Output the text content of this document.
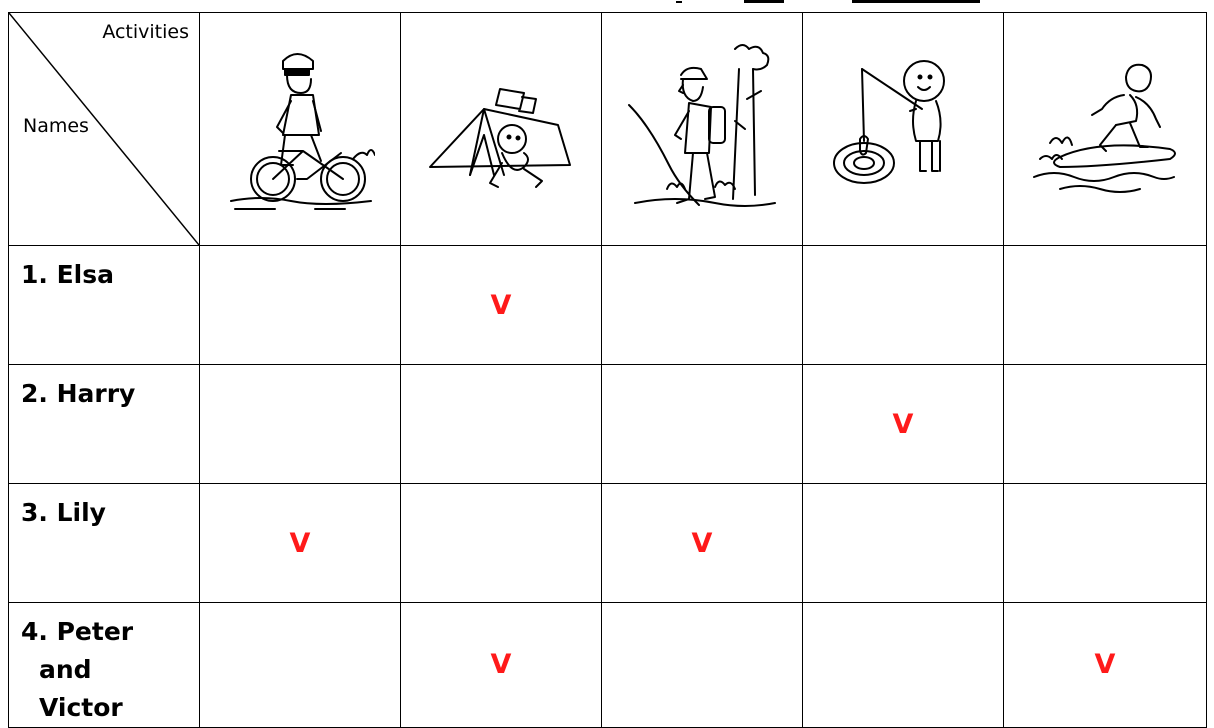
Activities
Names

1. Elsa		V			

2. Harry				V	

3. Lily	V		V		

4. Peter
and
Victor		V			V
